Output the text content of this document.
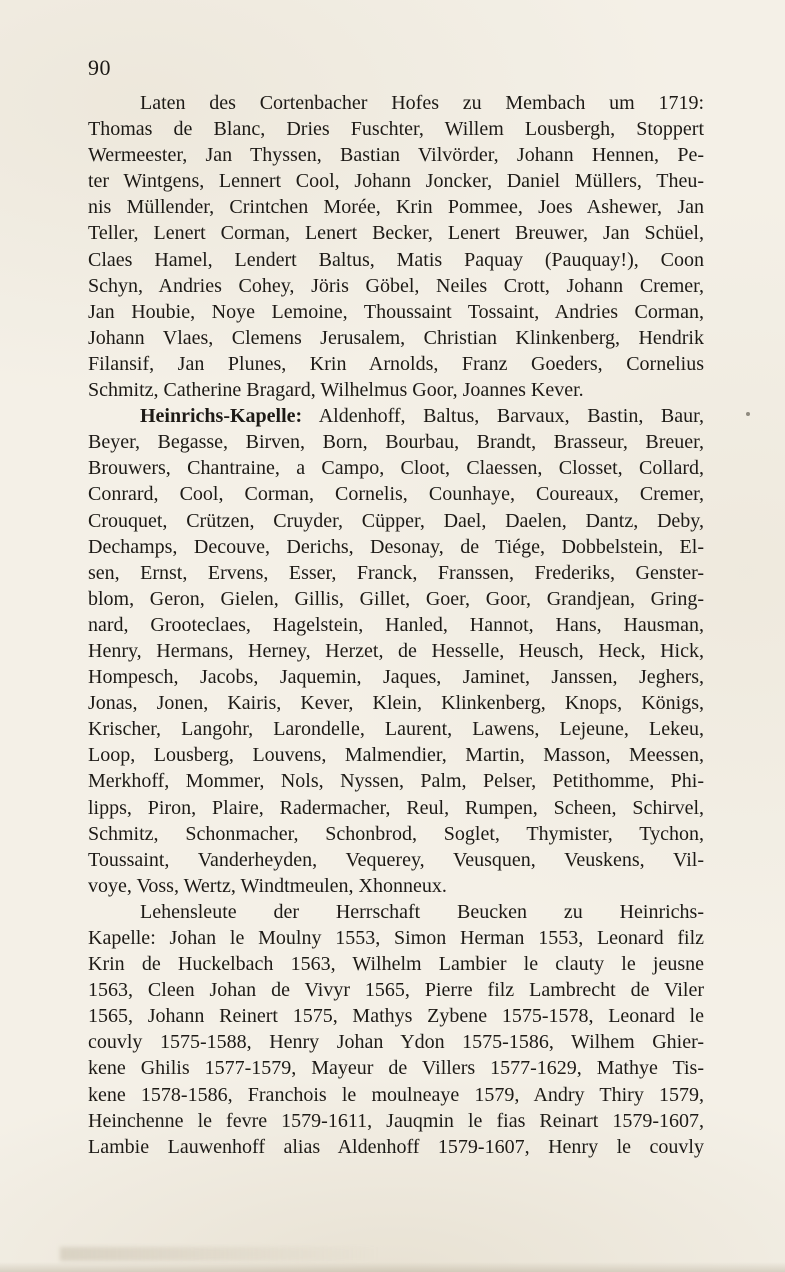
90
Laten des Cortenbacher Hofes zu Membach um 1719:
Thomas de Blanc, Dries Fuschter, Willem Lousbergh, Stoppert
Wermeester, Jan Thyssen, Bastian Vilvörder, Johann Hennen, Pe-
ter Wintgens, Lennert Cool, Johann Joncker, Daniel Müllers, Theu-
nis Müllender, Crintchen Morée, Krin Pommee, Joes Ashewer, Jan
Teller, Lenert Corman, Lenert Becker, Lenert Breuwer, Jan Schüel,
Claes Hamel, Lendert Baltus, Matis Paquay (Pauquay!), Coon
Schyn, Andries Cohey, Jöris Göbel, Neiles Crott, Johann Cremer,
Jan Houbie, Noye Lemoine, Thoussaint Tossaint, Andries Corman,
Johann Vlaes, Clemens Jerusalem, Christian Klinkenberg, Hendrik
Filansif, Jan Plunes, Krin Arnolds, Franz Goeders, Cornelius
Schmitz, Catherine Bragard, Wilhelmus Goor, Joannes Kever.
Heinrichs-Kapelle: Aldenhoff, Baltus, Barvaux, Bastin, Baur,
Beyer, Begasse, Birven, Born, Bourbau, Brandt, Brasseur, Breuer,
Brouwers, Chantraine, a Campo, Cloot, Claessen, Closset, Collard,
Conrard, Cool, Corman, Cornelis, Counhaye, Coureaux, Cremer,
Crouquet, Crützen, Cruyder, Cüpper, Dael, Daelen, Dantz, Deby,
Dechamps, Decouve, Derichs, Desonay, de Tiége, Dobbelstein, El-
sen, Ernst, Ervens, Esser, Franck, Franssen, Frederiks, Genster-
blom, Geron, Gielen, Gillis, Gillet, Goer, Goor, Grandjean, Gring-
nard, Grooteclaes, Hagelstein, Hanled, Hannot, Hans, Hausman,
Henry, Hermans, Herney, Herzet, de Hesselle, Heusch, Heck, Hick,
Hompesch, Jacobs, Jaquemin, Jaques, Jaminet, Janssen, Jeghers,
Jonas, Jonen, Kairis, Kever, Klein, Klinkenberg, Knops, Königs,
Krischer, Langohr, Larondelle, Laurent, Lawens, Lejeune, Lekeu,
Loop, Lousberg, Louvens, Malmendier, Martin, Masson, Meessen,
Merkhoff, Mommer, Nols, Nyssen, Palm, Pelser, Petithomme, Phi-
lipps, Piron, Plaire, Radermacher, Reul, Rumpen, Scheen, Schirvel,
Schmitz, Schonmacher, Schonbrod, Soglet, Thymister, Tychon,
Toussaint, Vanderheyden, Vequerey, Veusquen, Veuskens, Vil-
voye, Voss, Wertz, Windtmeulen, Xhonneux.
Lehensleute der Herrschaft Beucken zu Heinrichs-
Kapelle: Johan le Moulny 1553, Simon Herman 1553, Leonard filz
Krin de Huckelbach 1563, Wilhelm Lambier le clauty le jeusne
1563, Cleen Johan de Vivyr 1565, Pierre filz Lambrecht de Viler
1565, Johann Reinert 1575, Mathys Zybene 1575-1578, Leonard le
couvly 1575-1588, Henry Johan Ydon 1575-1586, Wilhem Ghier-
kene Ghilis 1577-1579, Mayeur de Villers 1577-1629, Mathye Tis-
kene 1578-1586, Franchois le moulneaye 1579, Andry Thiry 1579,
Heinchenne le fevre 1579-1611, Jauqmin le fias Reinart 1579-1607,
Lambie Lauwenhoff alias Aldenhoff 1579-1607, Henry le couvly
